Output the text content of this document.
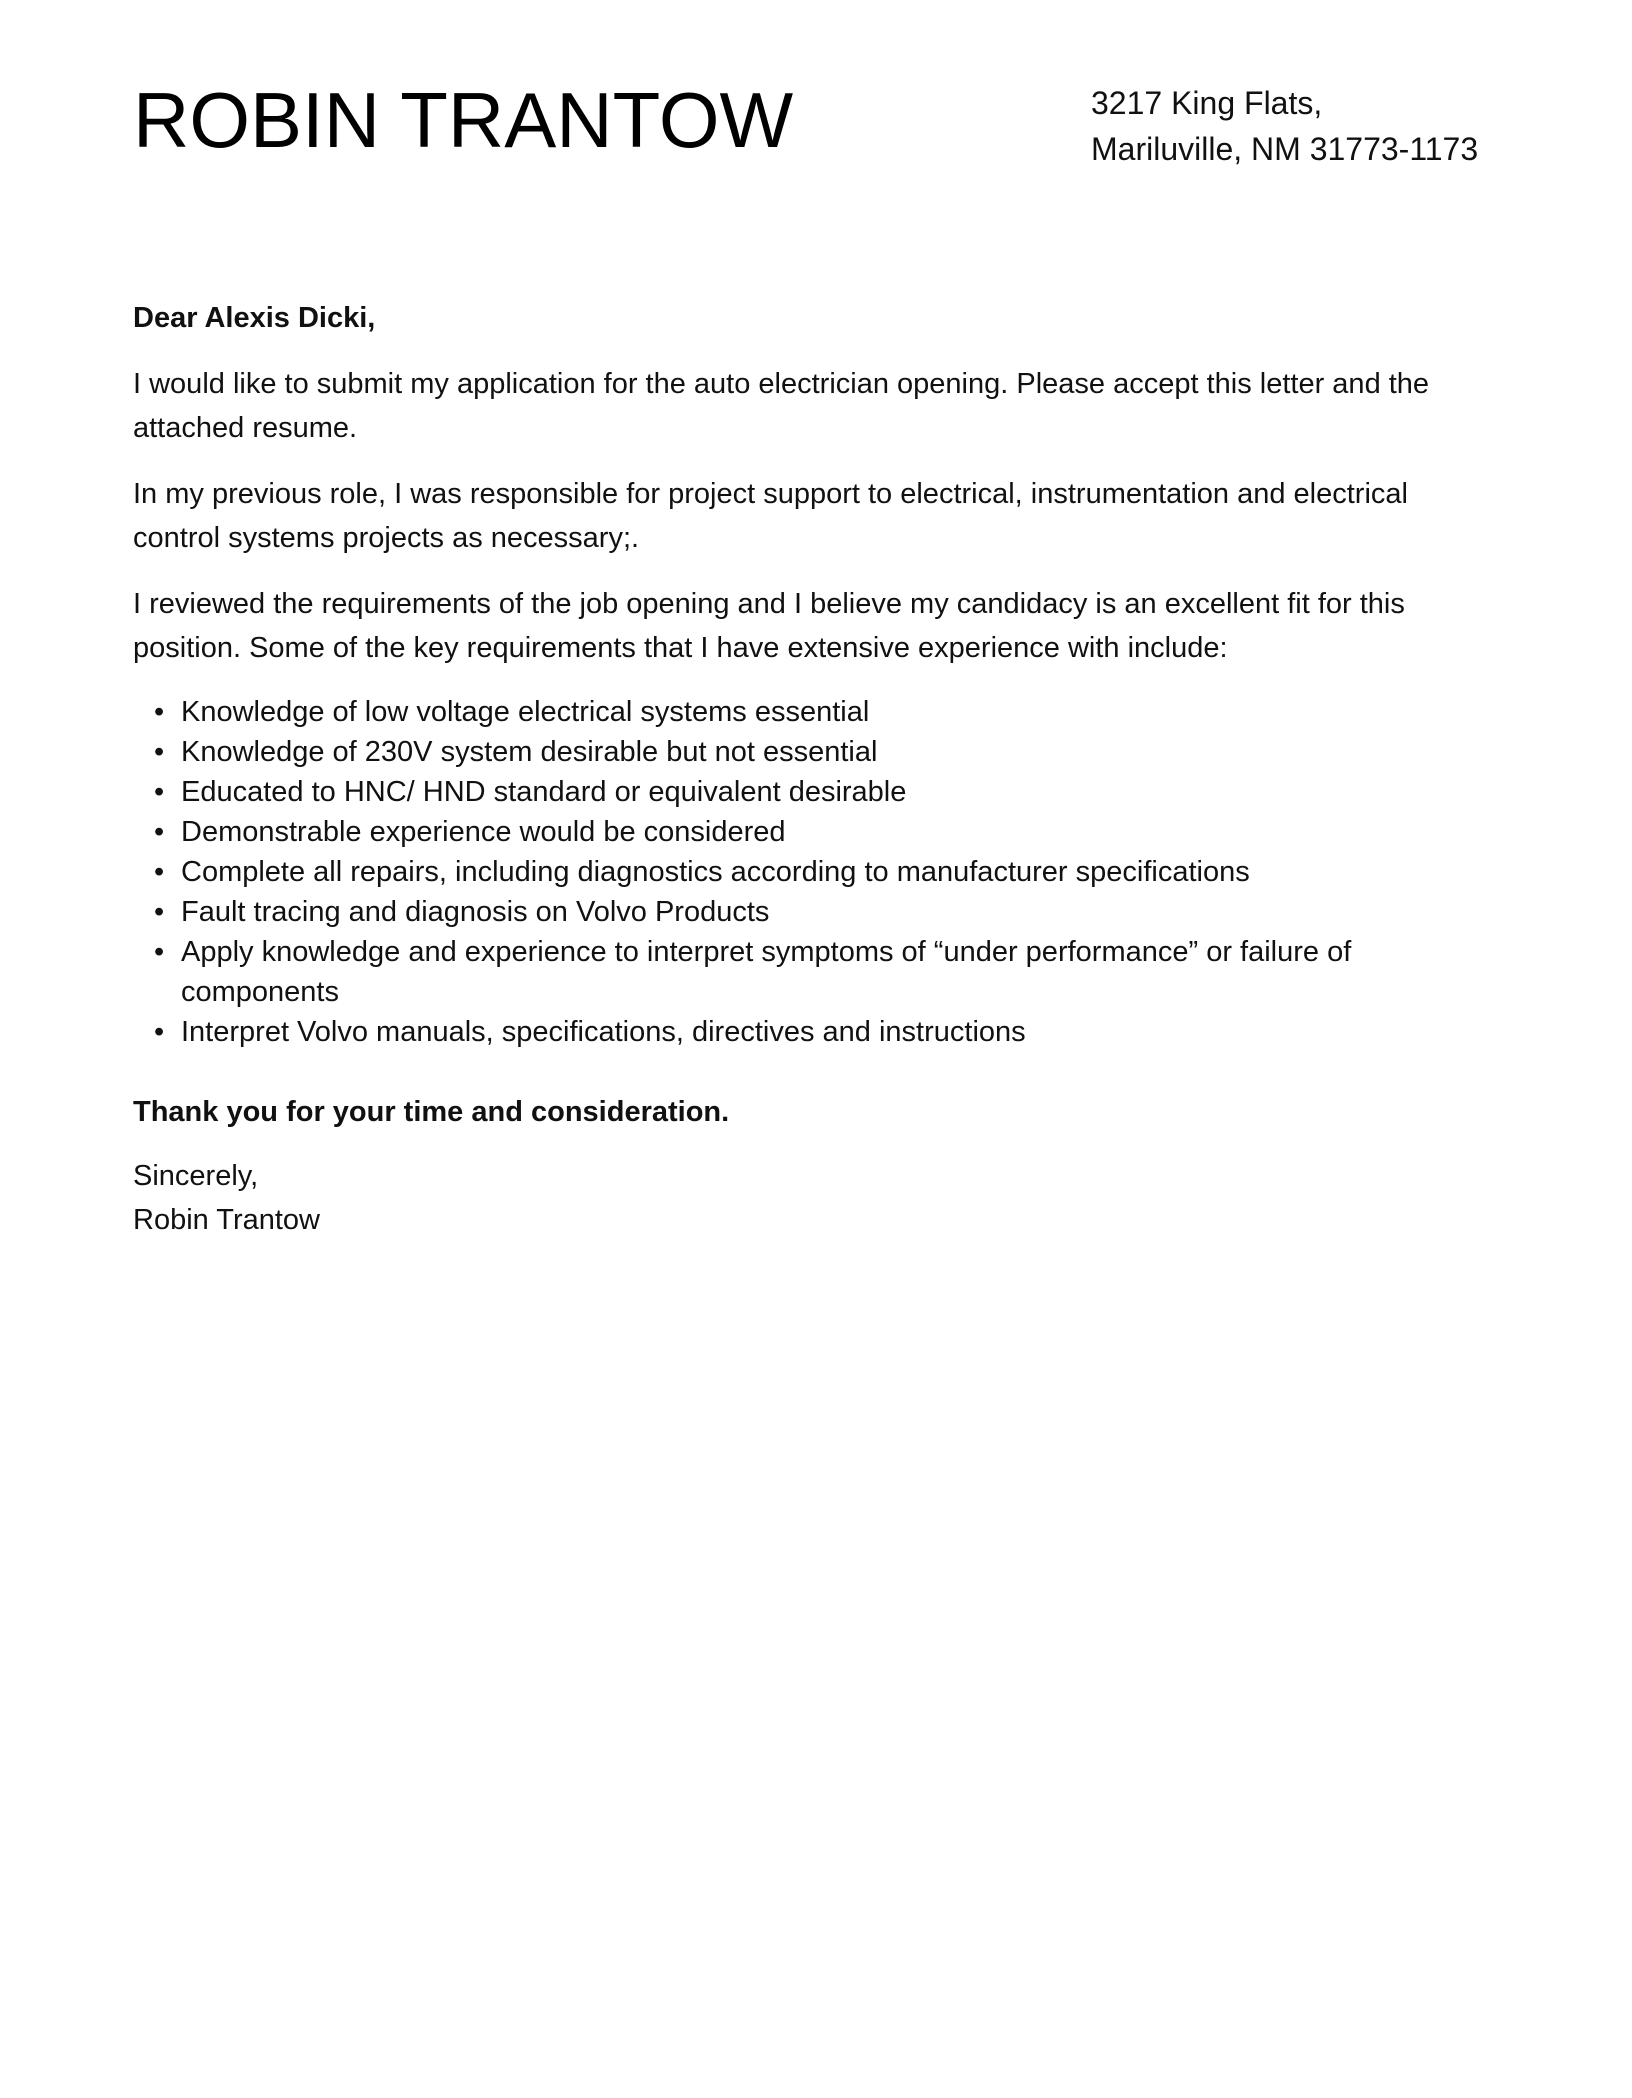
ROBIN TRANTOW	3217 King Flats,
Mariluville, NM 31773-1173

Dear Alexis Dicki,

I would like to submit my application for the auto electrician opening. Please accept this letter and the attached resume.

In my previous role, I was responsible for project support to electrical, instrumentation and electrical control systems projects as necessary;.

I reviewed the requirements of the job opening and I believe my candidacy is an excellent fit for this position. Some of the key requirements that I have extensive experience with include:

• Knowledge of low voltage electrical systems essential
• Knowledge of 230V system desirable but not essential
• Educated to HNC/ HND standard or equivalent desirable
• Demonstrable experience would be considered
• Complete all repairs, including diagnostics according to manufacturer specifications
• Fault tracing and diagnosis on Volvo Products
• Apply knowledge and experience to interpret symptoms of “under performance” or failure of components
• Interpret Volvo manuals, specifications, directives and instructions

Thank you for your time and consideration.

Sincerely,
Robin Trantow
